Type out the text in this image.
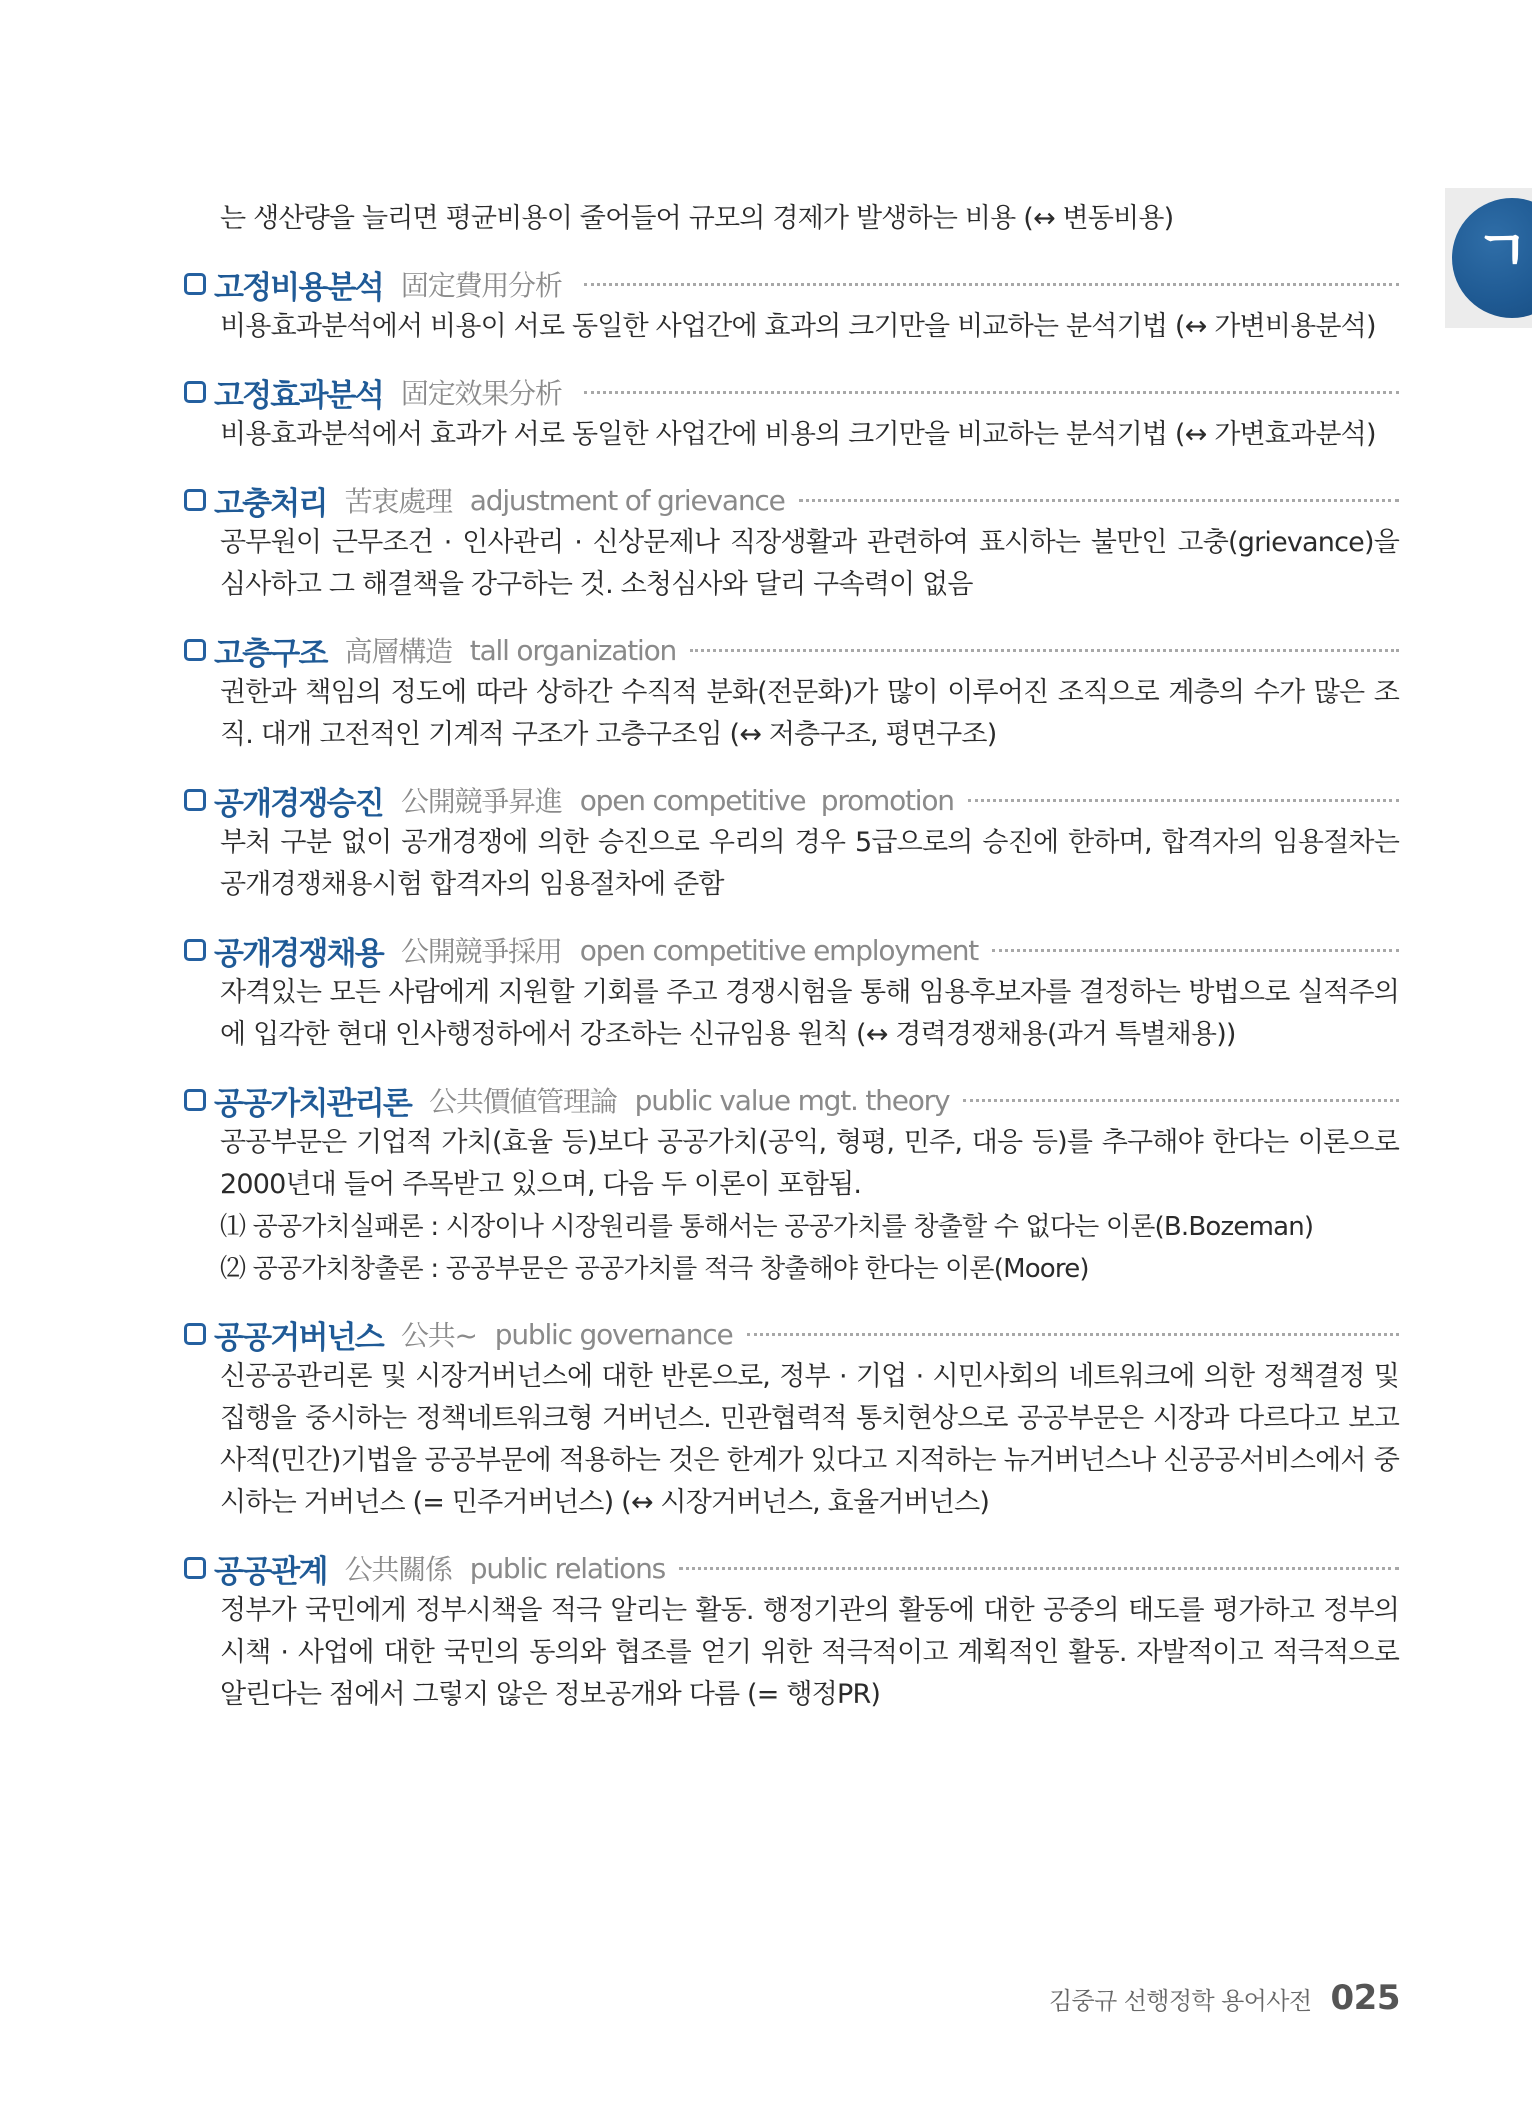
ㄱ
는 생산량을 늘리면 평균비용이 줄어들어 규모의 경제가 발생하는 비용 (↔ 변동비용)
고정비용분석 固定費用分析
비용효과분석에서 비용이 서로 동일한 사업간에 효과의 크기만을 비교하는 분석기법 (↔ 가변비용분석)
고정효과분석 固定效果分析
비용효과분석에서 효과가 서로 동일한 사업간에 비용의 크기만을 비교하는 분석기법 (↔ 가변효과분석)
고충처리 苦衷處理 adjustment of grievance
공무원이 근무조건 · 인사관리 · 신상문제나 직장생활과 관련하여 표시하는 불만인 고충(grievance)을 심사하고 그 해결책을 강구하는 것. 소청심사와 달리 구속력이 없음
고층구조 高層構造 tall organization
권한과 책임의 정도에 따라 상하간 수직적 분화(전문화)가 많이 이루어진 조직으로 계층의 수가 많은 조직. 대개 고전적인 기계적 구조가 고층구조임 (↔ 저층구조, 평면구조)
공개경쟁승진 公開競爭昇進 open competitive  promotion
부처 구분 없이 공개경쟁에 의한 승진으로 우리의 경우 5급으로의 승진에 한하며, 합격자의 임용절차는 공개경쟁채용시험 합격자의 임용절차에 준함
공개경쟁채용 公開競爭採用 open competitive employment
자격있는 모든 사람에게 지원할 기회를 주고 경쟁시험을 통해 임용후보자를 결정하는 방법으로 실적주의에 입각한 현대 인사행정하에서 강조하는 신규임용 원칙 (↔ 경력경쟁채용(과거 특별채용))
공공가치관리론 公共價値管理論 public value mgt. theory
공공부문은 기업적 가치(효율 등)보다 공공가치(공익, 형평, 민주, 대응 등)를 추구해야 한다는 이론으로 2000년대 들어 주목받고 있으며, 다음 두 이론이 포함됨.
⑴ 공공가치실패론 : 시장이나 시장원리를 통해서는 공공가치를 창출할 수 없다는 이론(B.Bozeman)
⑵ 공공가치창출론 : 공공부문은 공공가치를 적극 창출해야 한다는 이론(Moore)
공공거버넌스 公共~ public governance
신공공관리론 및 시장거버넌스에 대한 반론으로, 정부 · 기업 · 시민사회의 네트워크에 의한 정책결정 및 집행을 중시하는 정책네트워크형 거버넌스. 민관협력적 통치현상으로 공공부문은 시장과 다르다고 보고 사적(민간)기법을 공공부문에 적용하는 것은 한계가 있다고 지적하는 뉴거버넌스나 신공공서비스에서 중시하는 거버넌스 (= 민주거버넌스) (↔ 시장거버넌스, 효율거버넌스)
공공관계 公共關係 public relations
정부가 국민에게 정부시책을 적극 알리는 활동. 행정기관의 활동에 대한 공중의 태도를 평가하고 정부의 시책 · 사업에 대한 국민의 동의와 협조를 얻기 위한 적극적이고 계획적인 활동. 자발적이고 적극적으로 알린다는 점에서 그렇지 않은 정보공개와 다름 (= 행정PR)
김중규 선행정학 용어사전 025
